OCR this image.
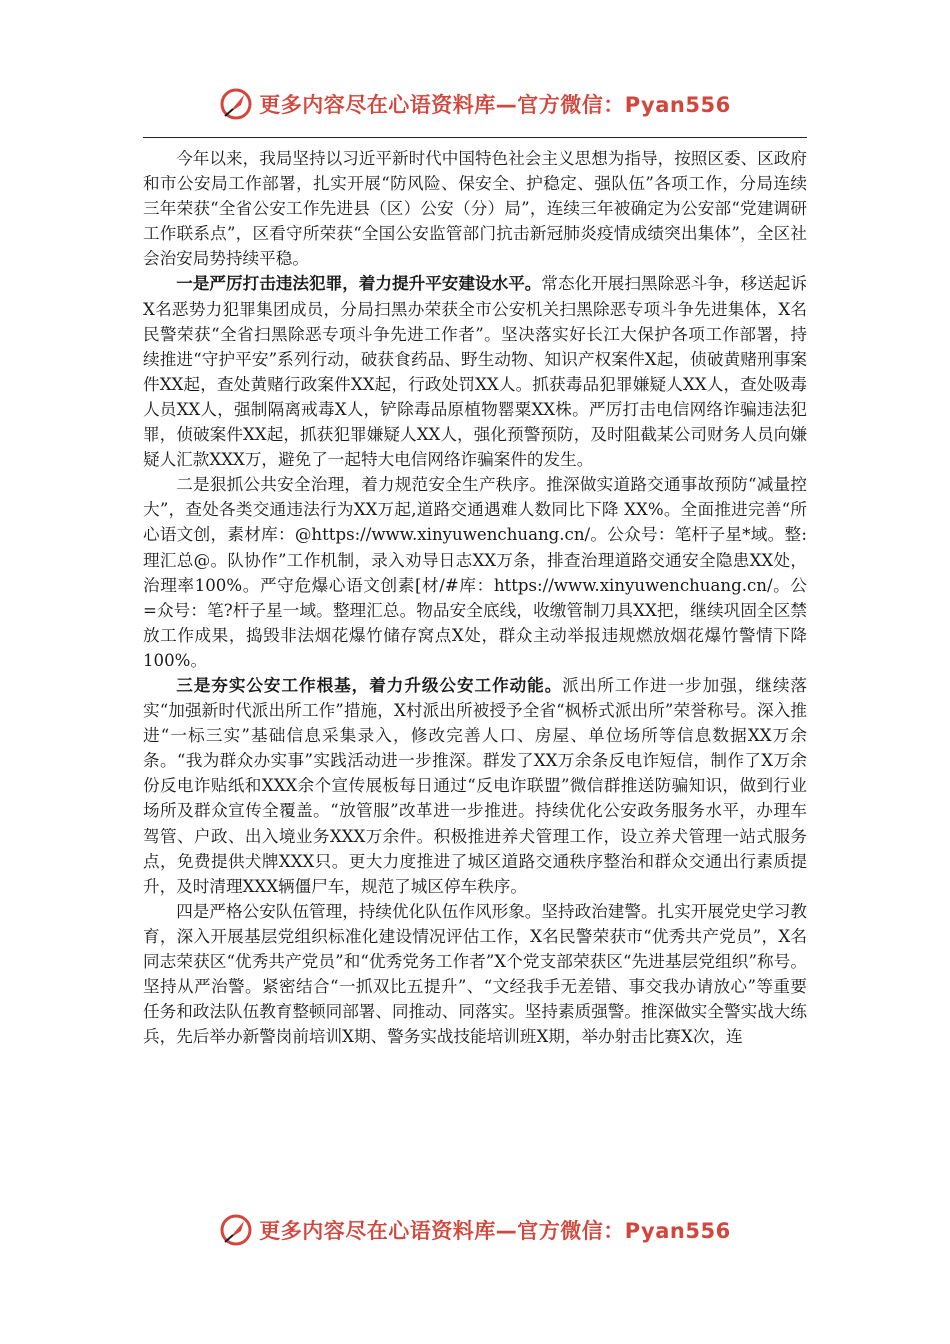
更多内容尽在心语资料库—官方微信：Pyan556

今年以来，我局坚持以习近平新时代中国特色社会主义思想为指导，按照区委、区政府和市公安局工作部署，扎实开展“防风险、保安全、护稳定、强队伍”各项工作，分局连续三年荣获“全省公安工作先进县（区）公安（分）局”，连续三年被确定为公安部“党建调研工作联系点”，区看守所荣获“全国公安监管部门抗击新冠肺炎疫情成绩突出集体”，全区社会治安局势持续平稳。

一是严厉打击违法犯罪，着力提升平安建设水平。常态化开展扫黑除恶斗争，移送起诉X名恶势力犯罪集团成员，分局扫黑办荣获全市公安机关扫黑除恶专项斗争先进集体，X名民警荣获“全省扫黑除恶专项斗争先进工作者”。坚决落实好长江大保护各项工作部署，持续推进“守护平安”系列行动，破获食药品、野生动物、知识产权案件X起，侦破黄赌刑事案件XX起，查处黄赌行政案件XX起，行政处罚XX人。抓获毒品犯罪嫌疑人XX人，查处吸毒人员XX人，强制隔离戒毒X人，铲除毒品原植物罂粟XX株。严厉打击电信网络诈骗违法犯罪，侦破案件XX起，抓获犯罪嫌疑人XX人，强化预警预防，及时阻截某公司财务人员向嫌疑人汇款XXX万，避免了一起特大电信网络诈骗案件的发生。

二是狠抓公共安全治理，着力规范安全生产秩序。推深做实道路交通事故预防“减量控大”，查处各类交通违法行为XX万起,道路交通遇难人数同比下降 XX%。全面推进完善“所心语文创，素材库：@https://www.xinyuwenchuang.cn/。公众号：笔杆子星*域。整:理汇总@。队协作”工作机制，录入劝导日志XX万条，排查治理道路交通安全隐患XX处，治理率100%。严守危爆心语文创素[材/#库：https://www.xinyuwenchuang.cn/。公=众号：笔?杆子星一域。整理汇总。物品安全底线，收缴管制刀具XX把，继续巩固全区禁放工作成果，捣毁非法烟花爆竹储存窝点X处，群众主动举报违规燃放烟花爆竹警情下降100%。

三是夯实公安工作根基，着力升级公安工作动能。派出所工作进一步加强，继续落实“加强新时代派出所工作”措施，X村派出所被授予全省“枫桥式派出所”荣誉称号。深入推进“一标三实”基础信息采集录入，修改完善人口、房屋、单位场所等信息数据XX万余条。“我为群众办实事”实践活动进一步推深。群发了XX万余条反电诈短信，制作了X万余份反电诈贴纸和XXX余个宣传展板每日通过“反电诈联盟”微信群推送防骗知识，做到行业场所及群众宣传全覆盖。“放管服”改革进一步推进。持续优化公安政务服务水平，办理车驾管、户政、出入境业务XXX万余件。积极推进养犬管理工作，设立养犬管理一站式服务点，免费提供犬牌XXX只。更大力度推进了城区道路交通秩序整治和群众交通出行素质提升，及时清理XXX辆僵尸车，规范了城区停车秩序。

四是严格公安队伍管理，持续优化队伍作风形象。坚持政治建警。扎实开展党史学习教育，深入开展基层党组织标准化建设情况评估工作，X名民警荣获市“优秀共产党员”，X名同志荣获区“优秀共产党员”和“优秀党务工作者”X个党支部荣获区“先进基层党组织”称号。坚持从严治警。紧密结合“一抓双比五提升”、“文经我手无差错、事交我办请放心”等重要任务和政法队伍教育整顿同部署、同推动、同落实。坚持素质强警。推深做实全警实战大练兵，先后举办新警岗前培训X期、警务实战技能培训班X期，举办射击比赛X次，连

更多内容尽在心语资料库—官方微信：Pyan556
